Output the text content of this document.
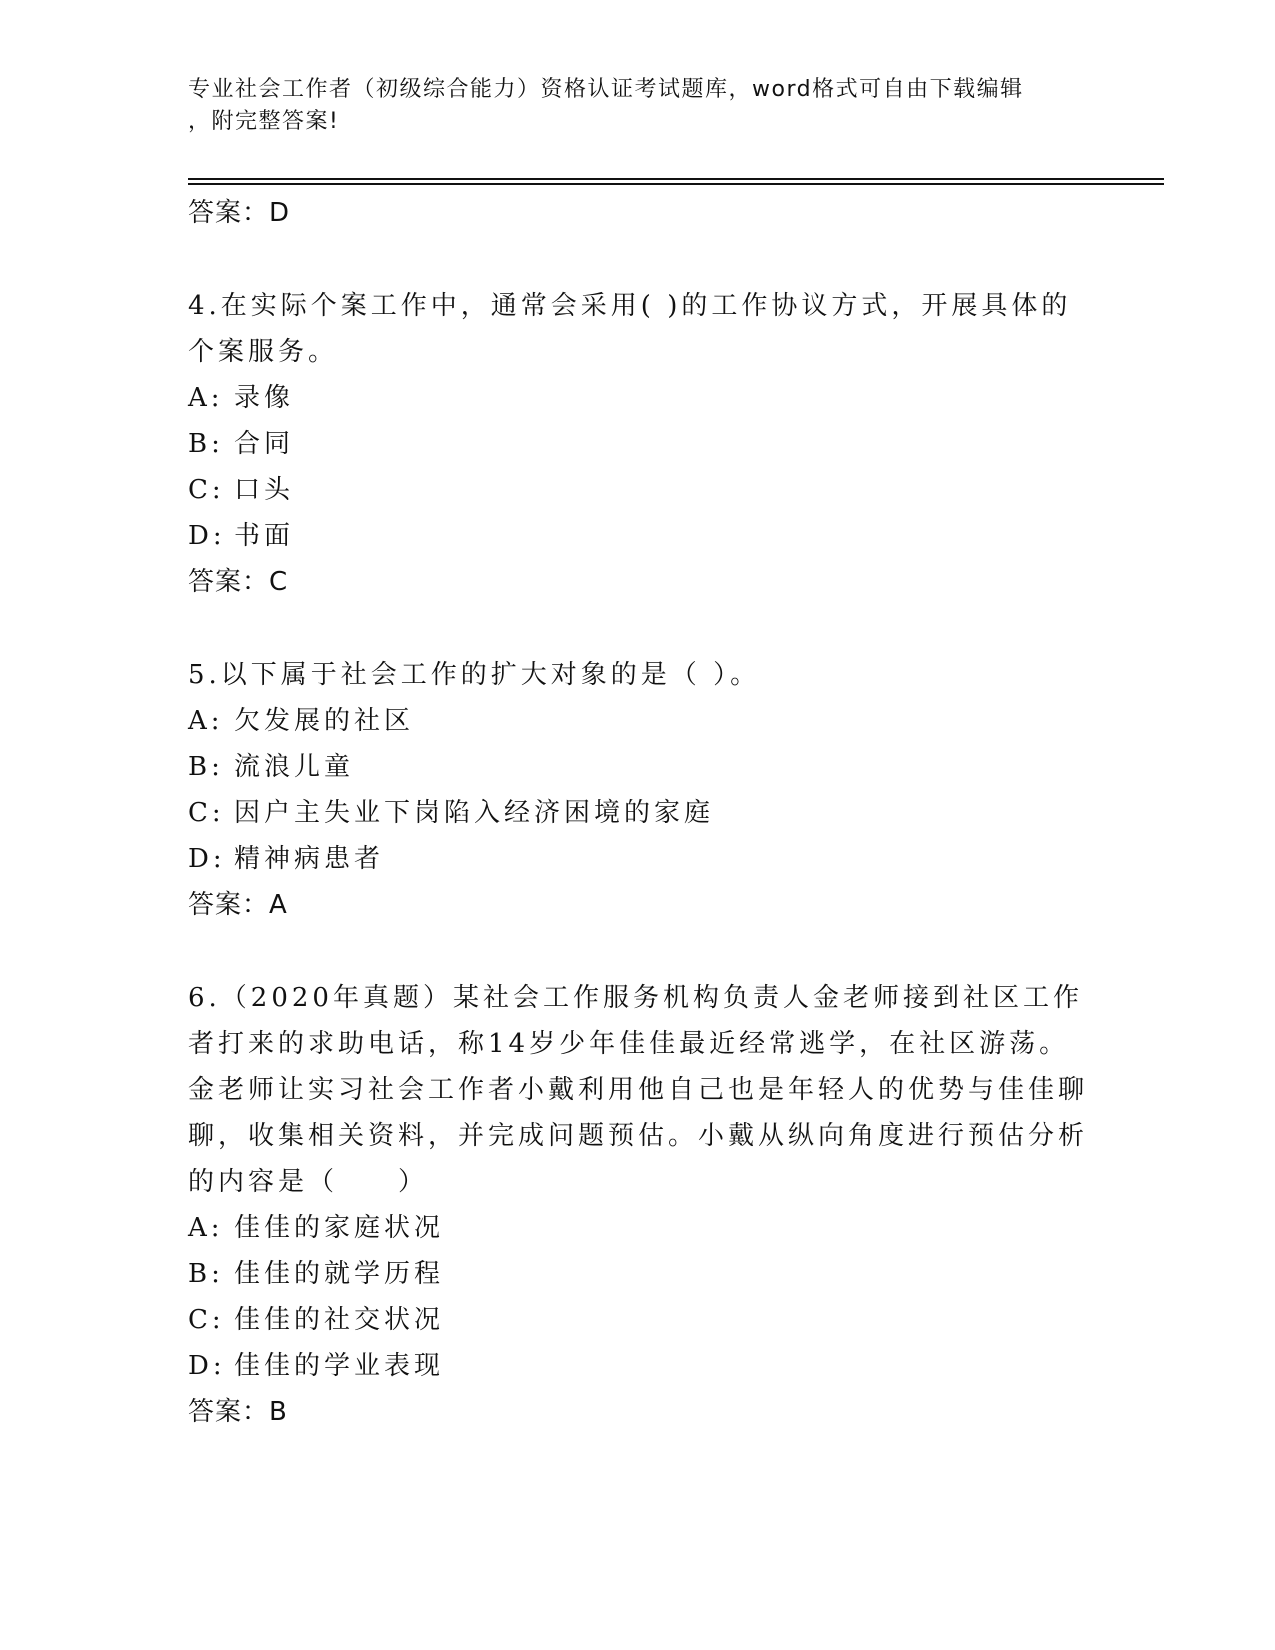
专业社会工作者（初级综合能力）资格认证考试题库，word格式可自由下载编辑
，附完整答案!
答案：D
4.在实际个案工作中，通常会采用( )的工作协议方式，开展具体的个案服务。
A: 录像
B: 合同
C: 口头
D: 书面
答案：C
5.以下属于社会工作的扩大对象的是（ ）。
A: 欠发展的社区
B: 流浪儿童
C: 因户主失业下岗陷入经济困境的家庭
D: 精神病患者
答案：A
6.（2020年真题）某社会工作服务机构负责人金老师接到社区工作者打来的求助电话，称14岁少年佳佳最近经常逃学，在社区游荡。金老师让实习社会工作者小戴利用他自己也是年轻人的优势与佳佳聊聊，收集相关资料，并完成问题预估。小戴从纵向角度进行预估分析的内容是（　　）
A: 佳佳的家庭状况
B: 佳佳的就学历程
C: 佳佳的社交状况
D: 佳佳的学业表现
答案：B
